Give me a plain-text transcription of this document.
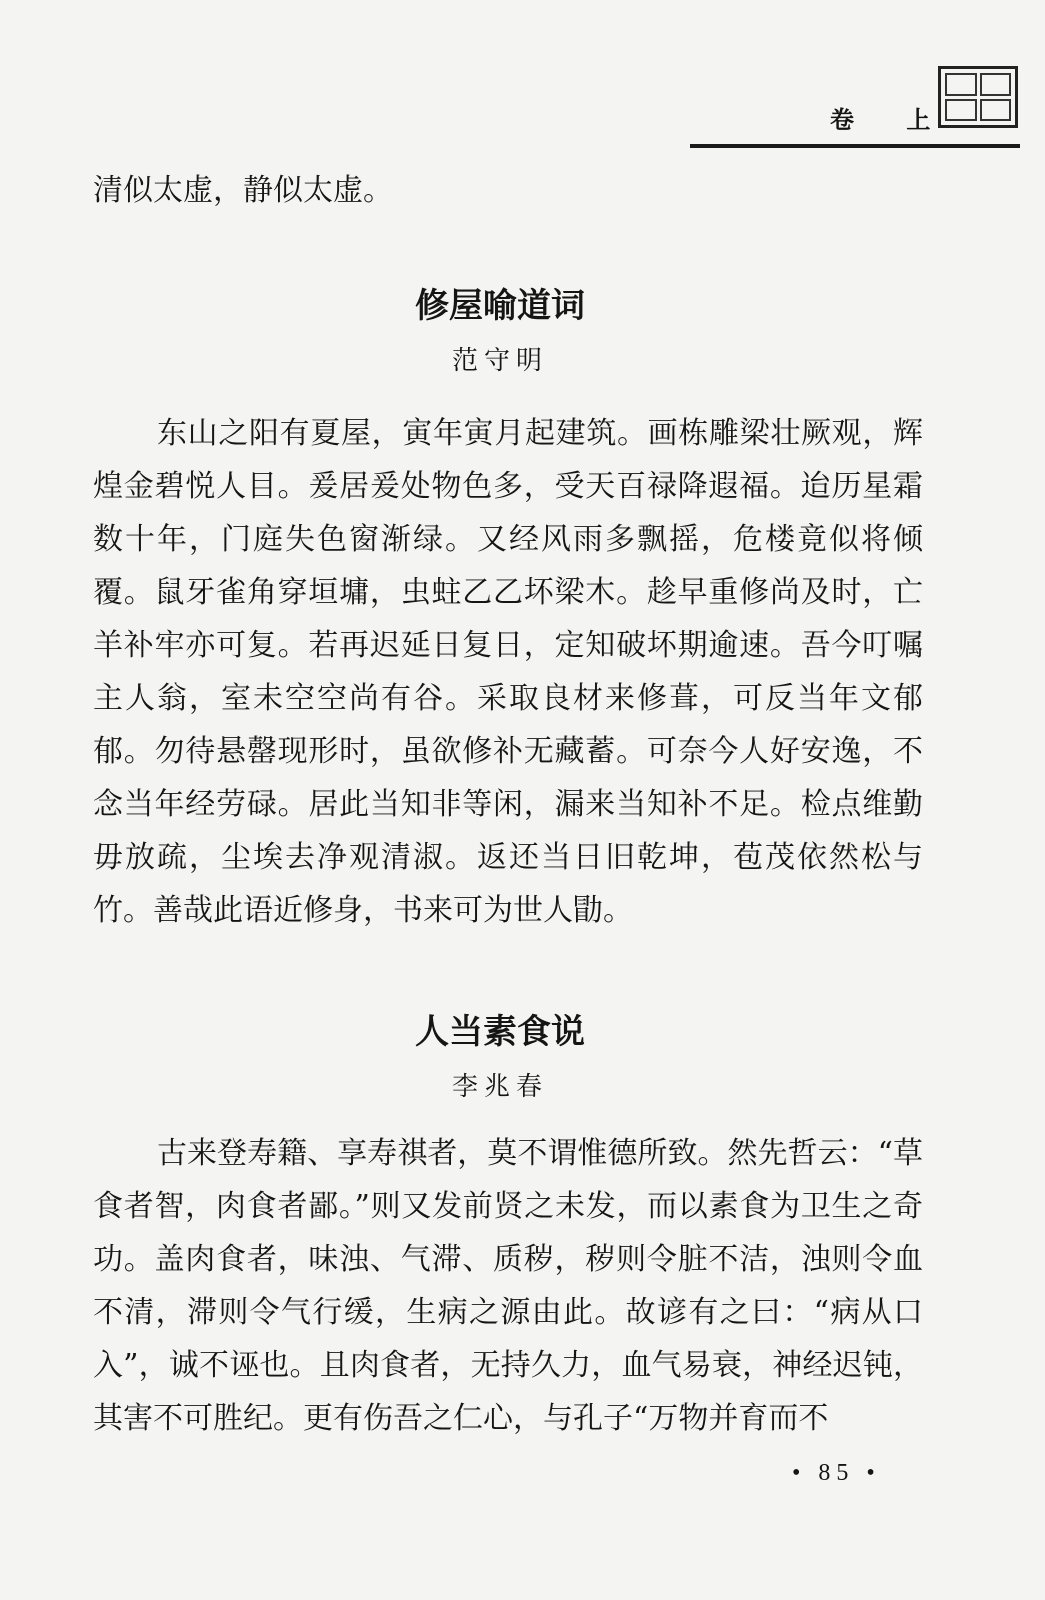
卷 上
清似太虚，静似太虚。
修屋喻道词
范守明
东山之阳有夏屋，寅年寅月起建筑。画栋雕梁壮厥观，辉煌金碧悦人目。爰居爰处物色多，受天百禄降遐福。迨历星霜数十年，门庭失色窗渐绿。又经风雨多飘摇，危楼竟似将倾覆。鼠牙雀角穿垣墉，虫蛀乙乙坏梁木。趁早重修尚及时，亡羊补牢亦可复。若再迟延日复日，定知破坏期逾速。吾今叮嘱主人翁，室未空空尚有谷。采取良材来修葺，可反当年文郁郁。勿待悬罄现形时，虽欲修补无藏蓄。可奈今人好安逸，不念当年经劳碌。居此当知非等闲，漏来当知补不足。检点维勤毋放疏，尘埃去净观清淑。返还当日旧乾坤，苞茂依然松与竹。善哉此语近修身，书来可为世人勖。
人当素食说
李兆春
古来登寿籍、享寿祺者，莫不谓惟德所致。然先哲云：“草食者智，肉食者鄙。”则又发前贤之未发，而以素食为卫生之奇功。盖肉食者，味浊、气滞、质秽，秽则令脏不洁，浊则令血不清，滞则令气行缓，生病之源由此。故谚有之曰：“病从口入”，诚不诬也。且肉食者，无持久力，血气易衰，神经迟钝，其害不可胜纪。更有伤吾之仁心，与孔子“万物并育而不
• 85 •
